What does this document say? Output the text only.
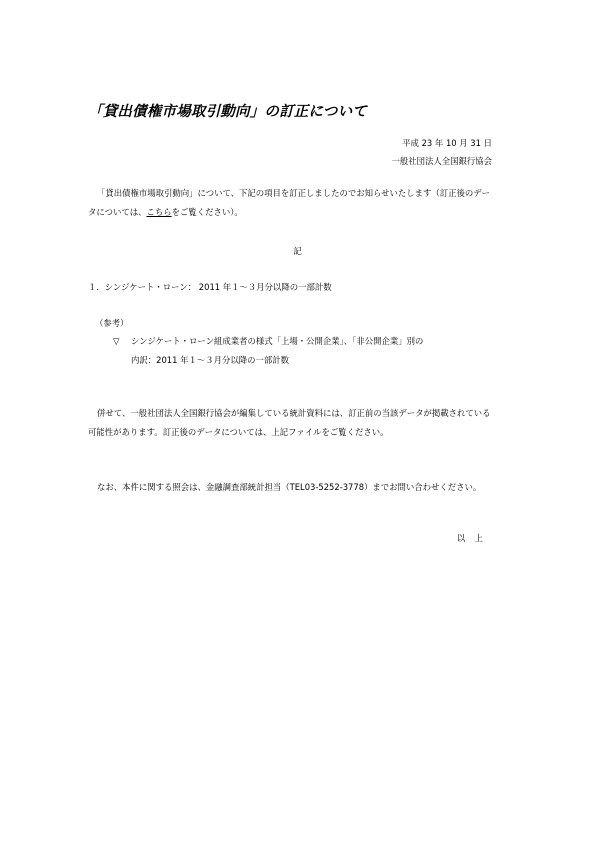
「貸出債権市場取引動向」の訂正について
平成 23 年 10 月 31 日
一般社団法人全国銀行協会
「貸出債権市場取引動向」について、下記の項目を訂正しましたのでお知らせいたします（訂正後のデータについては、こちらをご覧ください）。
記
１．シンジケート・ローン： 2011 年１～３月分以降の一部計数
（参考）
▽ シンジケート・ローン組成業者の様式「上場・公開企業」、「非公開企業」別の
内訳：2011 年１～３月分以降の一部計数
併せて、一般社団法人全国銀行協会が編集している統計資料には、訂正前の当該データが掲載されている可能性があります。訂正後のデータについては、上記ファイルをご覧ください。
なお、本件に関する照会は、金融調査部統計担当（TEL03-5252-3778）までお問い合わせください。
以上
